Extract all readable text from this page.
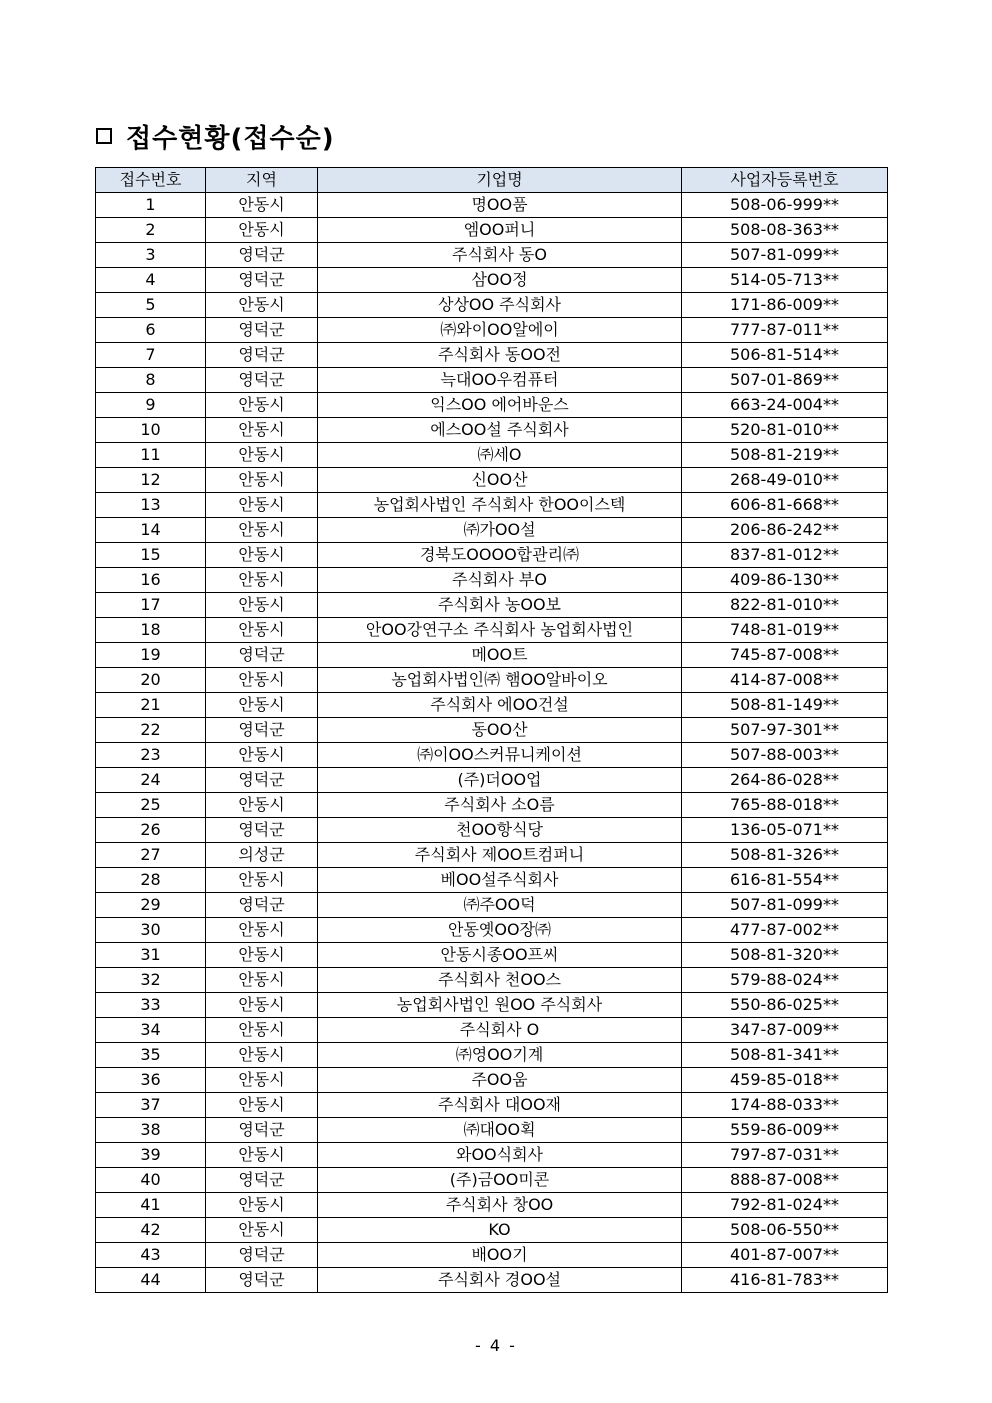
접수현황(접수순)
접수번호	지역	기업명	사업자등록번호
1	안동시	명OO품	508-06-999**
2	안동시	엠OO퍼니	508-08-363**
3	영덕군	주식회사 동O	507-81-099**
4	영덕군	삼OO정	514-05-713**
5	안동시	상상OO 주식회사	171-86-009**
6	영덕군	㈜와이OO알에이	777-87-011**
7	영덕군	주식회사 동OO전	506-81-514**
8	영덕군	늑대OO우컴퓨터	507-01-869**
9	안동시	익스OO 에어바운스	663-24-004**
10	안동시	에스OO설 주식회사	520-81-010**
11	안동시	㈜세O	508-81-219**
12	안동시	신OO산	268-49-010**
13	안동시	농업회사법인 주식회사 한OO이스텍	606-81-668**
14	안동시	㈜가OO설	206-86-242**
15	안동시	경북도OOOO합관리㈜	837-81-012**
16	안동시	주식회사 부O	409-86-130**
17	안동시	주식회사 농OO보	822-81-010**
18	안동시	안OO강연구소 주식회사 농업회사법인	748-81-019**
19	영덕군	메OO트	745-87-008**
20	안동시	농업회사법인㈜ 햄OO알바이오	414-87-008**
21	안동시	주식회사 에OO건설	508-81-149**
22	영덕군	동OO산	507-97-301**
23	안동시	㈜이OO스커뮤니케이션	507-88-003**
24	영덕군	(주)더OO업	264-86-028**
25	안동시	주식회사 소O름	765-88-018**
26	영덕군	천OO항식당	136-05-071**
27	의성군	주식회사 제OO트컴퍼니	508-81-326**
28	안동시	베OO설주식회사	616-81-554**
29	영덕군	㈜주OO덕	507-81-099**
30	안동시	안동옛OO장㈜	477-87-002**
31	안동시	안동시종OO프씨	508-81-320**
32	안동시	주식회사 천OO스	579-88-024**
33	안동시	농업회사법인 원OO 주식회사	550-86-025**
34	안동시	주식회사 O	347-87-009**
35	안동시	㈜영OO기계	508-81-341**
36	안동시	주OO움	459-85-018**
37	안동시	주식회사 대OO재	174-88-033**
38	영덕군	㈜대OO획	559-86-009**
39	안동시	와OO식회사	797-87-031**
40	영덕군	(주)금OO미콘	888-87-008**
41	안동시	주식회사 창OO	792-81-024**
42	안동시	KO	508-06-550**
43	영덕군	배OO기	401-87-007**
44	영덕군	주식회사 경OO설	416-81-783**
- 4 -
